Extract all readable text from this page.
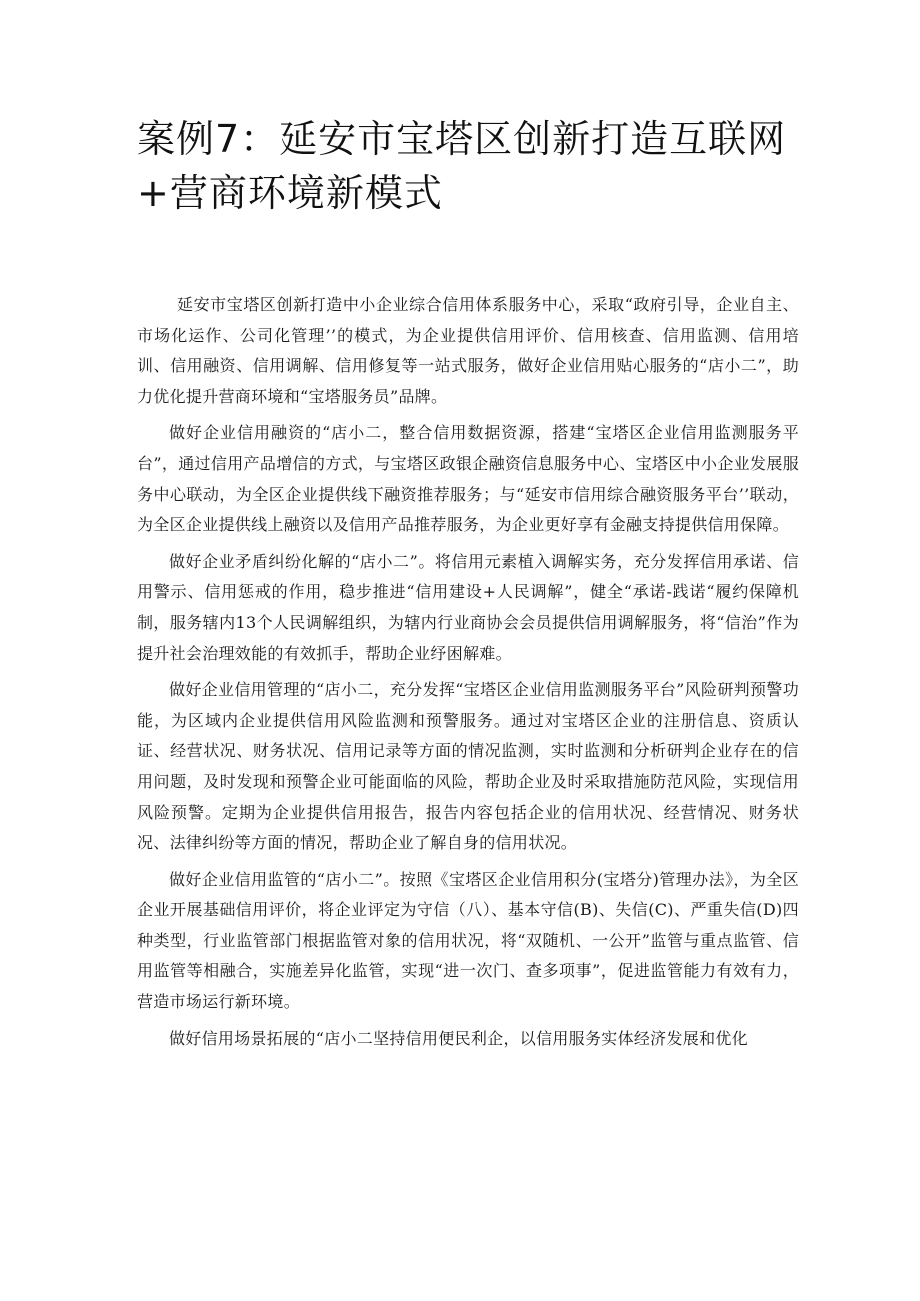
案例7：延安市宝塔区创新打造互联网+营商环境新模式

延安市宝塔区创新打造中小企业综合信用体系服务中心，采取“政府引导，企业自主、市场化运作、公司化管理’’的模式，为企业提供信用评价、信用核查、信用监测、信用培训、信用融资、信用调解、信用修复等一站式服务，做好企业信用贴心服务的“店小二”，助力优化提升营商环境和“宝塔服务员”品牌。

做好企业信用融资的“店小二，整合信用数据资源，搭建“宝塔区企业信用监测服务平台”，通过信用产品增信的方式，与宝塔区政银企融资信息服务中心、宝塔区中小企业发展服务中心联动，为全区企业提供线下融资推荐服务；与“延安市信用综合融资服务平台’’联动，为全区企业提供线上融资以及信用产品推荐服务，为企业更好享有金融支持提供信用保障。

做好企业矛盾纠纷化解的“店小二”。将信用元素植入调解实务，充分发挥信用承诺、信用警示、信用惩戒的作用，稳步推进“信用建设+人民调解”，健全“承诺-践诺“履约保障机制，服务辖内13个人民调解组织，为辖内行业商协会会员提供信用调解服务，将“信治”作为提升社会治理效能的有效抓手，帮助企业纾困解难。

做好企业信用管理的“店小二，充分发挥“宝塔区企业信用监测服务平台”风险研判预警功能，为区域内企业提供信用风险监测和预警服务。通过对宝塔区企业的注册信息、资质认证、经营状况、财务状况、信用记录等方面的情况监测，实时监测和分析研判企业存在的信用问题，及时发现和预警企业可能面临的风险，帮助企业及时采取措施防范风险，实现信用风险预警。定期为企业提供信用报告，报告内容包括企业的信用状况、经营情况、财务状况、法律纠纷等方面的情况，帮助企业了解自身的信用状况。

做好企业信用监管的“店小二”。按照《宝塔区企业信用积分(宝塔分)管理办法》，为全区企业开展基础信用评价，将企业评定为守信（八）、基本守信(B)、失信(C)、严重失信(D)四种类型，行业监管部门根据监管对象的信用状况，将“双随机、一公开”监管与重点监管、信用监管等相融合，实施差异化监管，实现“进一次门、查多项事”，促进监管能力有效有力，营造市场运行新环境。

做好信用场景拓展的“店小二坚持信用便民利企，以信用服务实体经济发展和优化
